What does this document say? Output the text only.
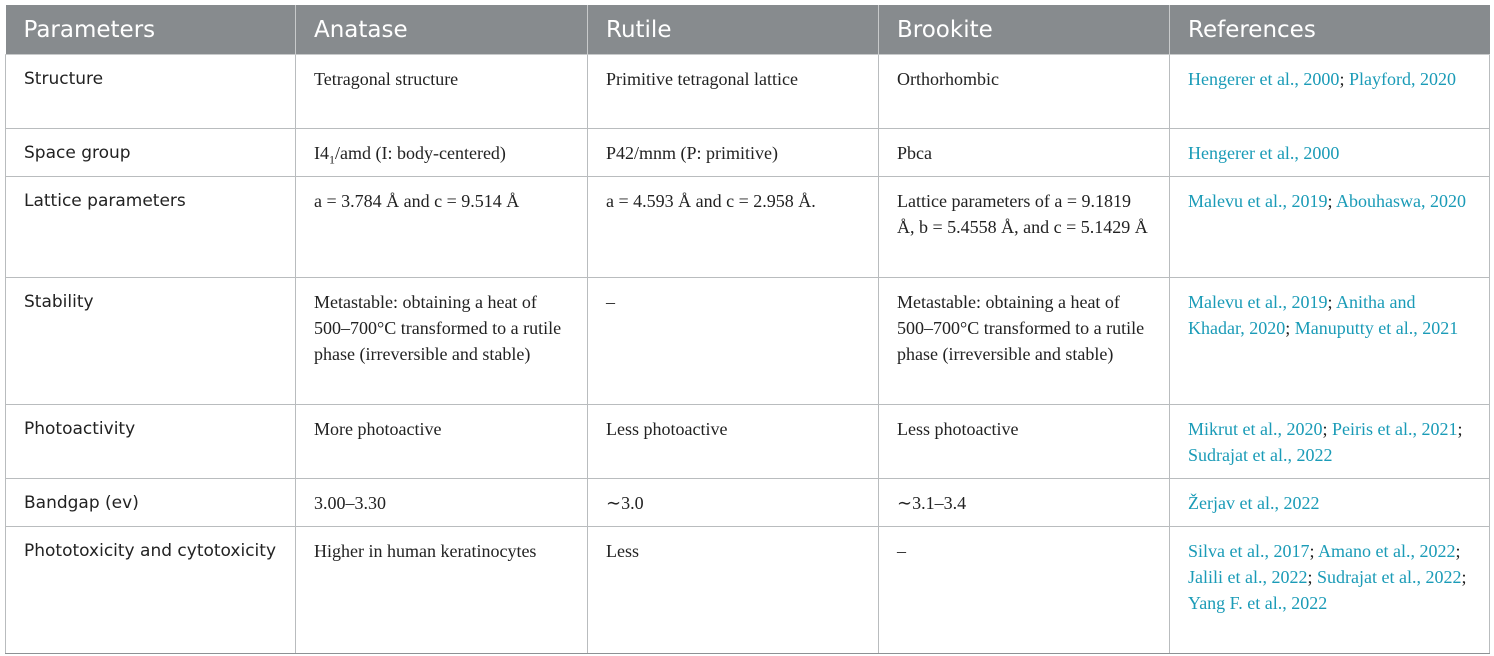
Parameters	Anatase	Rutile	Brookite	References
Structure	Tetragonal structure	Primitive tetragonal lattice	Orthorhombic	Hengerer et al., 2000; Playford, 2020
Space group	$I4_1$/amd (I: body-centered)	P42/mnm (P: primitive)	Pbca	Hengerer et al., 2000
Lattice parameters	a = 3.784 Å and c = 9.514 Å	a = 4.593 Å and c = 2.958 Å.	Lattice parameters of a = 9.1819 Å, b = 5.4558 Å, and c = 5.1429 Å	Malevu et al., 2019; Abouhaswa, 2020
Stability	Metastable: obtaining a heat of 500–700°C transformed to a rutile phase (irreversible and stable)	–	Metastable: obtaining a heat of 500–700°C transformed to a rutile phase (irreversible and stable)	Malevu et al., 2019; Anitha and Khadar, 2020; Manuputty et al., 2021
Photoactivity	More photoactive	Less photoactive	Less photoactive	Mikrut et al., 2020; Peiris et al., 2021; Sudrajat et al., 2022
Bandgap (ev)	3.00–3.30	∼3.0	∼3.1–3.4	Žerjav et al., 2022
Phototoxicity and cytotoxicity	Higher in human keratinocytes	Less	–	Silva et al., 2017; Amano et al., 2022; Jalili et al., 2022; Sudrajat et al., 2022; Yang F. et al., 2022
